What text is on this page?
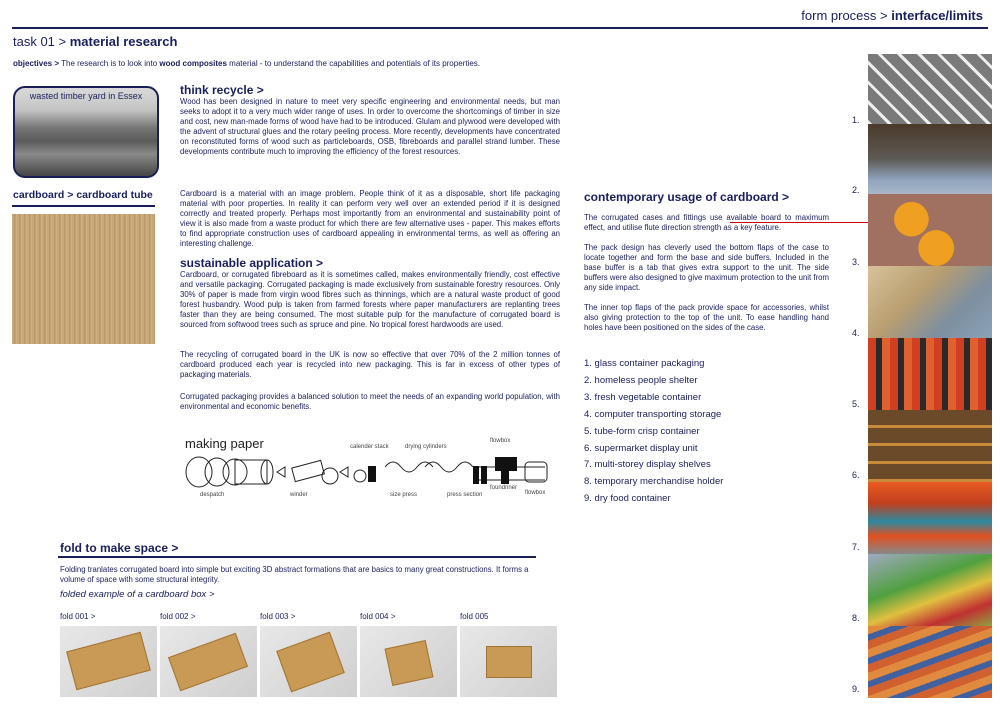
form process > interface/limits
task 01 > material research
objectives > The research is to look into wood composites material - to understand the capabilities and potentials of its properties.
wasted timber yard in Essex
cardboard > cardboard tube
think recycle >
Wood has been designed in nature to meet very specific engineering and environmental needs, but man seeks to adopt it to a very much wider range of uses. In order to overcome the shortcomings of timber in size and cost, new man-made forms of wood have had to be introduced. Glulam and plywood were developed with the advent of structural glues and the rotary peeling process. More recently, developments have concentrated on reconstituted forms of wood such as particleboards, OSB, fibreboards and parallel strand lumber. These developments contribute much to improving the efficiency of the forest resources.
Cardboard is a material with an image problem. People think of it as a disposable, short life packaging material with poor properties. In reality it can perform very well over an extended period if it is designed correctly and treated properly. Perhaps most importantly from an environmental and sustainability point of view it is also made from a waste product for which there are few alternative uses - paper. This makes efforts to find appropriate construction uses of cardboard appealing in environmental terms, as well as offering an interesting challenge.
sustainable application >
Cardboard, or corrugated fibreboard as it is sometimes called, makes environmentally friendly, cost effective and versatile packaging. Corrugated packaging is made exclusively from sustainable forestry resources. Only 30% of paper is made from virgin wood fibres such as thinnings, which are a natural waste product of good forest husbandry. Wood pulp is taken from farmed forests where paper manufacturers are replanting trees faster than they are being consumed. The most suitable pulp for the manufacture of corrugated board is sourced from softwood trees such as spruce and pine. No tropical forest hardwoods are used.
The recycling of corrugated board in the UK is now so effective that over 70% of the 2 million tonnes of cardboard produced each year is recycled into new packaging. This is far in excess of other types of packaging materials.
Corrugated packaging provides a balanced solution to meet the needs of an expanding world population, with environmental and economic benefits.
making paper
despatch	winder
calender stack	drying cylinders
flowbox
foundriner
size press	press section	flowbox
contemporary usage of cardboard >
The corrugated cases and fittings use available board to maximum effect, and utilise flute direction strength as a key feature.
The pack design has cleverly used the bottom flaps of the case to locate together and form the base and side buffers. Included in the base buffer is a tab that gives extra support to the unit. The side buffers were also designed to give maximum protection to the unit from any side impact.
The inner top flaps of the pack provide space for accessories, whilst also giving protection to the top of the unit. To ease handling hand holes have been positioned on the sides of the case.
1. glass container packaging
2. homeless people shelter
3. fresh vegetable container
4. computer transporting storage
5. tube-form crisp container
6. supermarket display unit
7. multi-storey display shelves
8. temporary merchandise holder
9. dry food container
1.
2.
3.
4.
5.
6.
7.
8.
9.
fold to make space >
Folding tranlates corrugated board into simple but exciting 3D abstract formations that are basics to many great constructions. It forms a volume of space with some structural integrity.
folded example of a cardboard box >
fold 001 >	fold 002 >	fold 003 >	fold 004 >	fold 005
